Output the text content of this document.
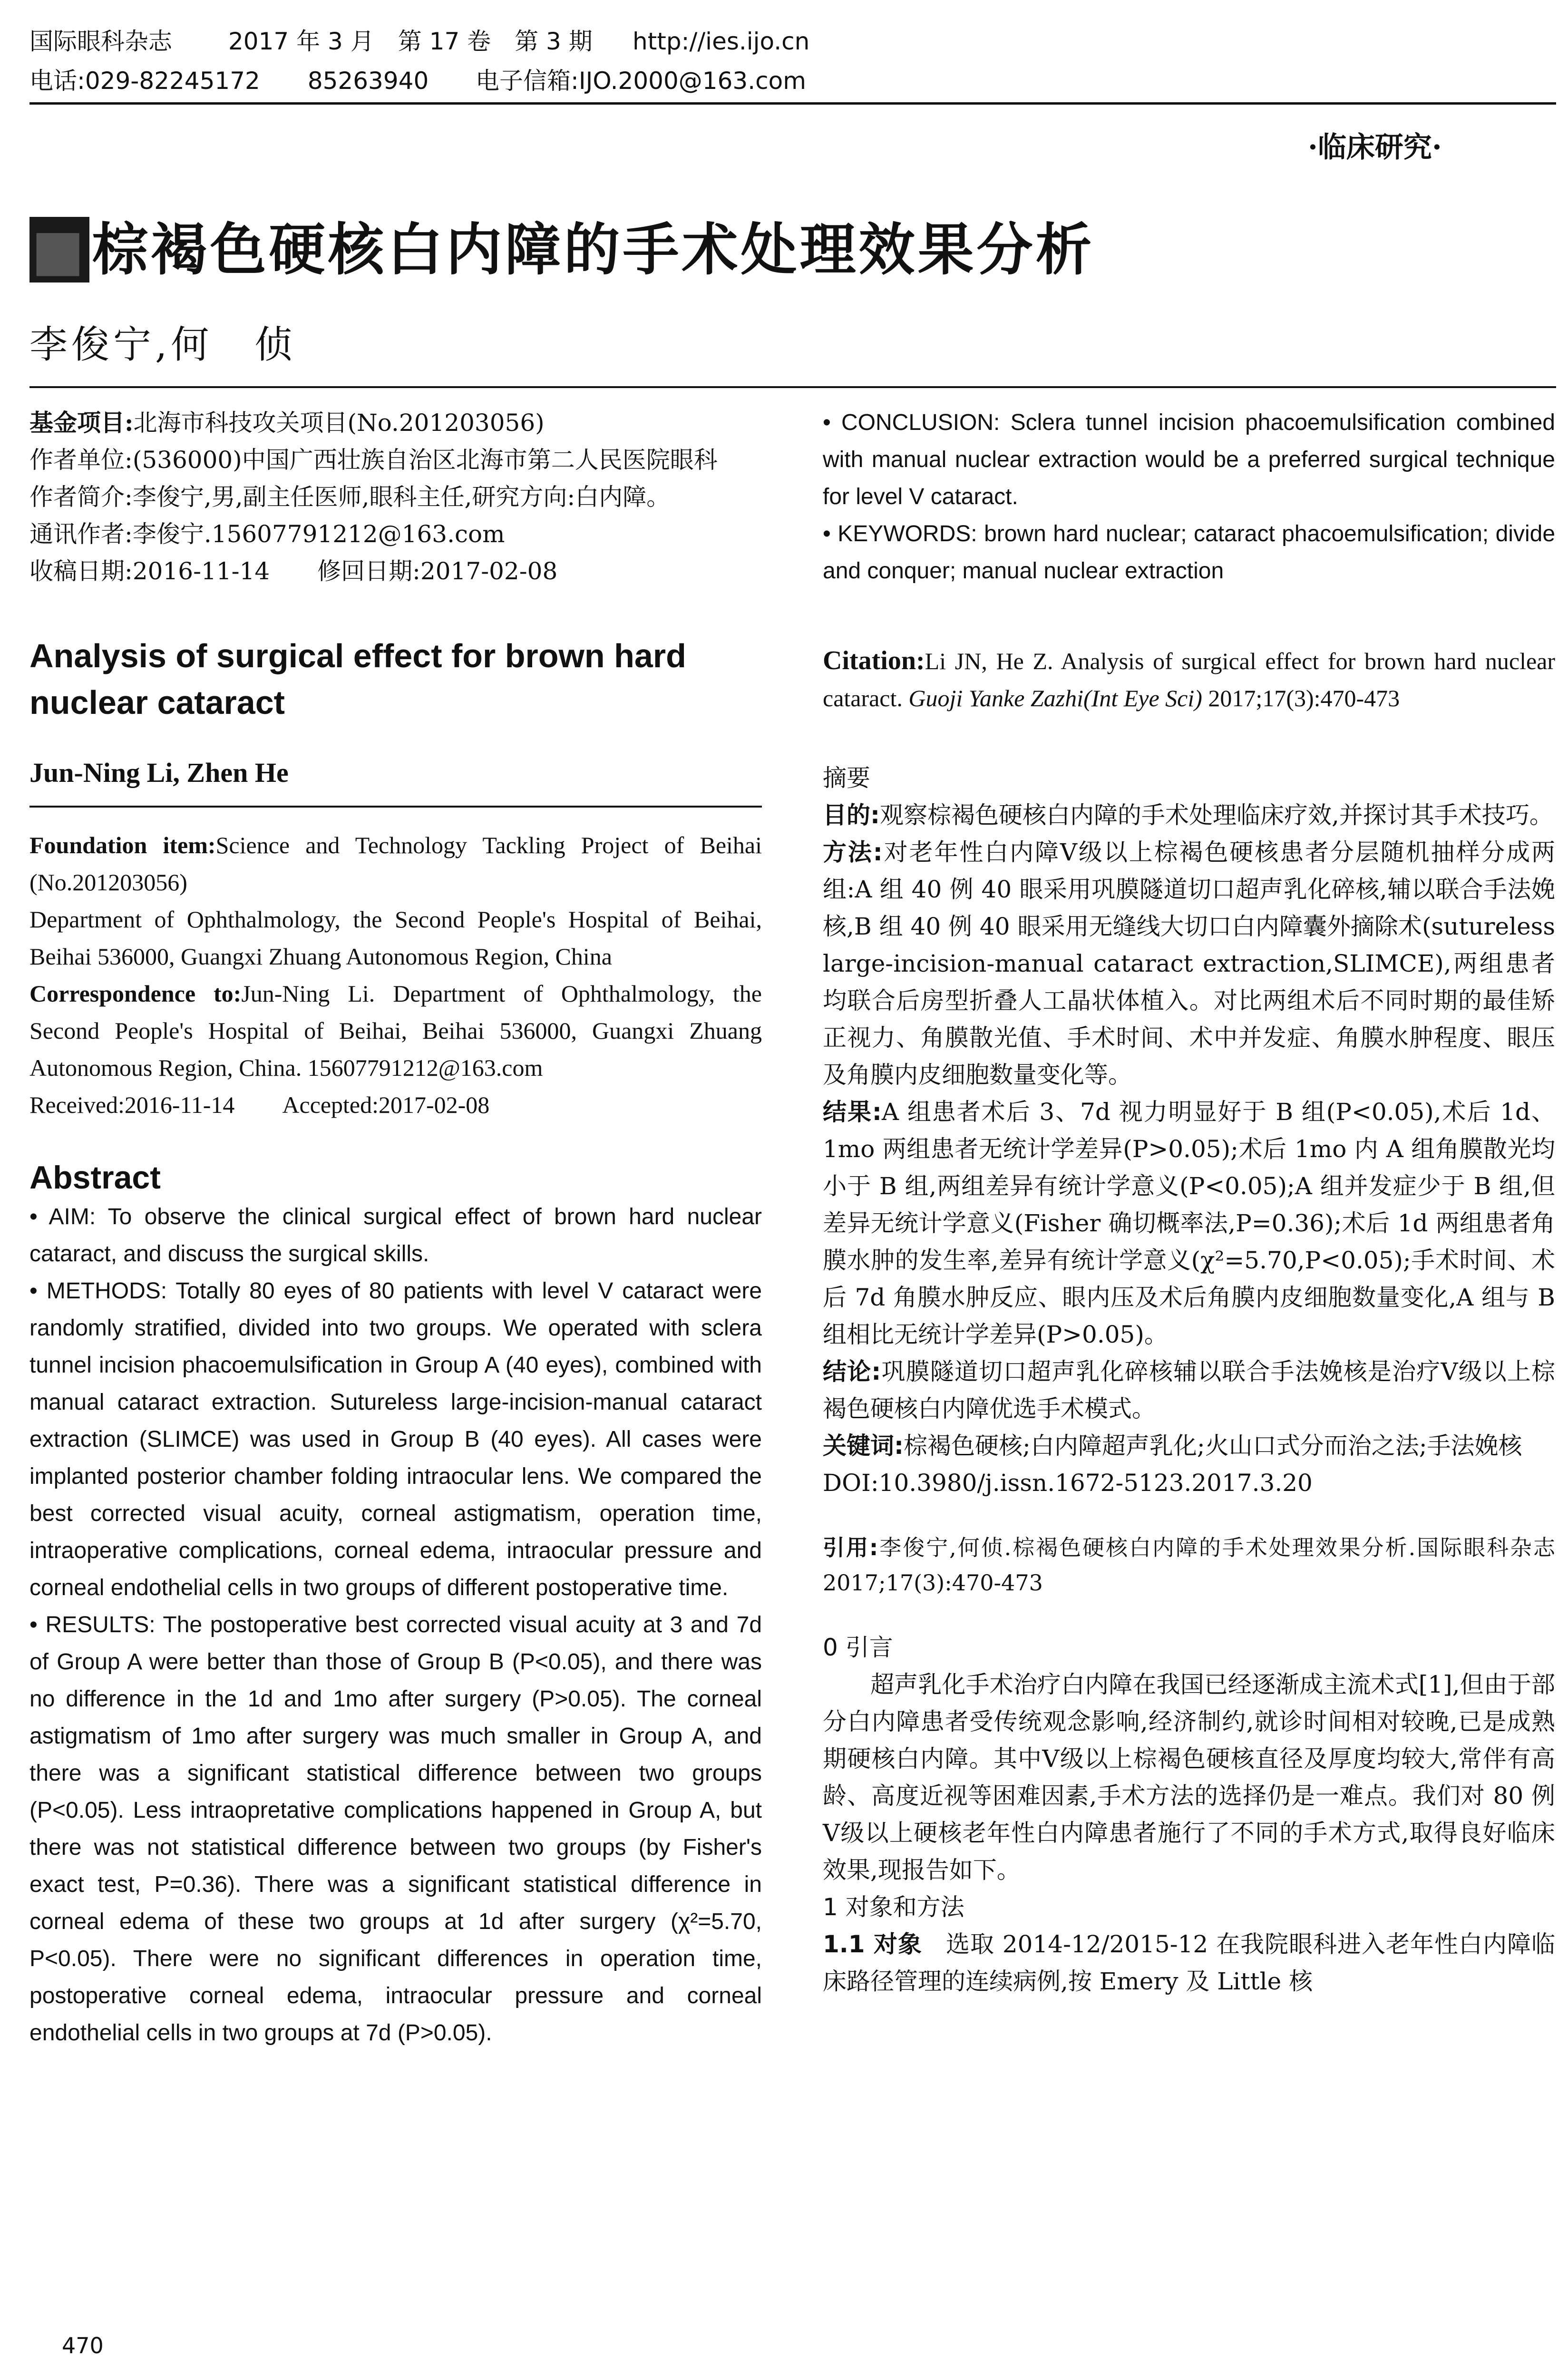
国际眼科杂志 2017 年 3 月　第 17 卷　第 3 期 http://ies.ijo.cn
电话:029-82245172　　85263940 电子信箱:IJO.2000@163.com
·临床研究·
■棕褐色硬核白内障的手术处理效果分析
李俊宁,何　侦

基金项目:北海市科技攻关项目(No.201203056)

作者单位:(536000)中国广西壮族自治区北海市第二人民医院眼科

作者简介:李俊宁,男,副主任医师,眼科主任,研究方向:白内障。

通讯作者:李俊宁.15607791212@163.com

收稿日期:2016-11-14　　修回日期:2017-02-08

Analysis of surgical effect for brown hard nuclear cataract

Jun-Ning Li, Zhen He

Foundation item:Science and Technology Tackling Project of Beihai (No.201203056)

Department of Ophthalmology, the Second People's Hospital of Beihai, Beihai 536000, Guangxi Zhuang Autonomous Region, China

Correspondence to:Jun-Ning Li. Department of Ophthalmology, the Second People's Hospital of Beihai, Beihai 536000, Guangxi Zhuang Autonomous Region, China. 15607791212@163.com

Received:2016-11-14　　Accepted:2017-02-08

Abstract

• AIM: To observe the clinical surgical effect of brown hard nuclear cataract, and discuss the surgical skills.

• METHODS: Totally 80 eyes of 80 patients with level V cataract were randomly stratified, divided into two groups. We operated with sclera tunnel incision phacoemulsification in Group A (40 eyes), combined with manual cataract extraction. Sutureless large-incision-manual cataract extraction (SLIMCE) was used in Group B (40 eyes). All cases were implanted posterior chamber folding intraocular lens. We compared the best corrected visual acuity, corneal astigmatism, operation time, intraoperative complications, corneal edema, intraocular pressure and corneal endothelial cells in two groups of different postoperative time.

• RESULTS: The postoperative best corrected visual acuity at 3 and 7d of Group A were better than those of Group B (P<0.05), and there was no difference in the 1d and 1mo after surgery (P>0.05). The corneal astigmatism of 1mo after surgery was much smaller in Group A, and there was a significant statistical difference between two groups (P<0.05). Less intraopretative complications happened in Group A, but there was not statistical difference between two groups (by Fisher's exact test, P=0.36). There was a significant statistical difference in corneal edema of these two groups at 1d after surgery (χ²=5.70, P<0.05). There were no significant differences in operation time, postoperative corneal edema, intraocular pressure and corneal endothelial cells in two groups at 7d (P>0.05).

• CONCLUSION: Sclera tunnel incision phacoemulsification combined with manual nuclear extraction would be a preferred surgical technique for level V cataract.

• KEYWORDS: brown hard nuclear; cataract phacoemulsification; divide and conquer; manual nuclear extraction

Citation:Li JN, He Z. Analysis of surgical effect for brown hard nuclear cataract. Guoji Yanke Zazhi(Int Eye Sci) 2017;17(3):470-473

摘要

目的:观察棕褐色硬核白内障的手术处理临床疗效,并探讨其手术技巧。

方法:对老年性白内障Ⅴ级以上棕褐色硬核患者分层随机抽样分成两组:A 组 40 例 40 眼采用巩膜隧道切口超声乳化碎核,辅以联合手法娩核,B 组 40 例 40 眼采用无缝线大切口白内障囊外摘除术(sutureless large-incision-manual cataract extraction,SLIMCE),两组患者均联合后房型折叠人工晶状体植入。对比两组术后不同时期的最佳矫正视力、角膜散光值、手术时间、术中并发症、角膜水肿程度、眼压及角膜内皮细胞数量变化等。

结果:A 组患者术后 3、7d 视力明显好于 B 组(P<0.05),术后 1d、1mo 两组患者无统计学差异(P>0.05);术后 1mo 内 A 组角膜散光均小于 B 组,两组差异有统计学意义(P<0.05);A 组并发症少于 B 组,但差异无统计学意义(Fisher 确切概率法,P=0.36);术后 1d 两组患者角膜水肿的发生率,差异有统计学意义(χ²=5.70,P<0.05);手术时间、术后 7d 角膜水肿反应、眼内压及术后角膜内皮细胞数量变化,A 组与 B 组相比无统计学差异(P>0.05)。

结论:巩膜隧道切口超声乳化碎核辅以联合手法娩核是治疗Ⅴ级以上棕褐色硬核白内障优选手术模式。

关键词:棕褐色硬核;白内障超声乳化;火山口式分而治之法;手法娩核

DOI:10.3980/j.issn.1672-5123.2017.3.20

引用:李俊宁,何侦.棕褐色硬核白内障的手术处理效果分析.国际眼科杂志 2017;17(3):470-473

0 引言

超声乳化手术治疗白内障在我国已经逐渐成主流术式[1],但由于部分白内障患者受传统观念影响,经济制约,就诊时间相对较晚,已是成熟期硬核白内障。其中Ⅴ级以上棕褐色硬核直径及厚度均较大,常伴有高龄、高度近视等困难因素,手术方法的选择仍是一难点。我们对 80 例Ⅴ级以上硬核老年性白内障患者施行了不同的手术方式,取得良好临床效果,现报告如下。

1 对象和方法

1.1 对象 选取 2014-12/2015-12 在我院眼科进入老年性白内障临床路径管理的连续病例,按 Emery 及 Little 核

470
